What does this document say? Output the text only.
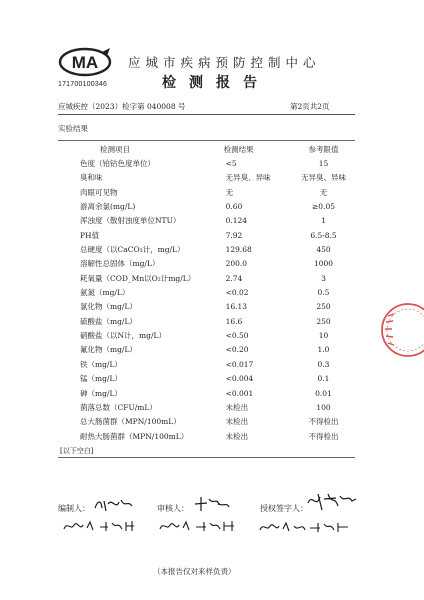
MA
171700100346
应城市疾病预防控制中心
检测报告
应城疾控（2023）检字第 040008 号	第2页共2页
实验结果
检测项目	检测结果	参考限值
色度（铂钴色度单位）	<5	15
臭和味	无异臭、异味	无异臭、异味
肉眼可见物	无	无
游离余氯(mg/L)	0.60	≥0.05
浑浊度（散射浊度单位NTU）	0.124	1
PH值	7.92	6.5-8.5
总硬度（以CaCO₃计，mg/L）	129.68	450
溶解性总固体（mg/L）	200.0	1000
耗氧量（COD_Mn以O₂计mg/L）	2.74	3
氨氮（mg/L）	<0.02	0.5
氯化物（mg/L）	16.13	250
硫酸盐（mg/L）	16.6	250
硝酸盐（以N计，mg/L）	<0.50	10
氟化物（mg/L）	<0.20	1.0
铁（mg/L）	<0.017	0.3
锰（mg/L）	<0.004	0.1
砷（mg/L）	<0.001	0.01
菌落总数（CFU/mL）	未检出	100
总大肠菌群（MPN/100mL）	未检出	不得检出
耐热大肠菌群（MPN/100mL）	未检出	不得检出
[以下空白]
编制人：	审核人：	授权签字人：
（本报告仅对来样负责）
